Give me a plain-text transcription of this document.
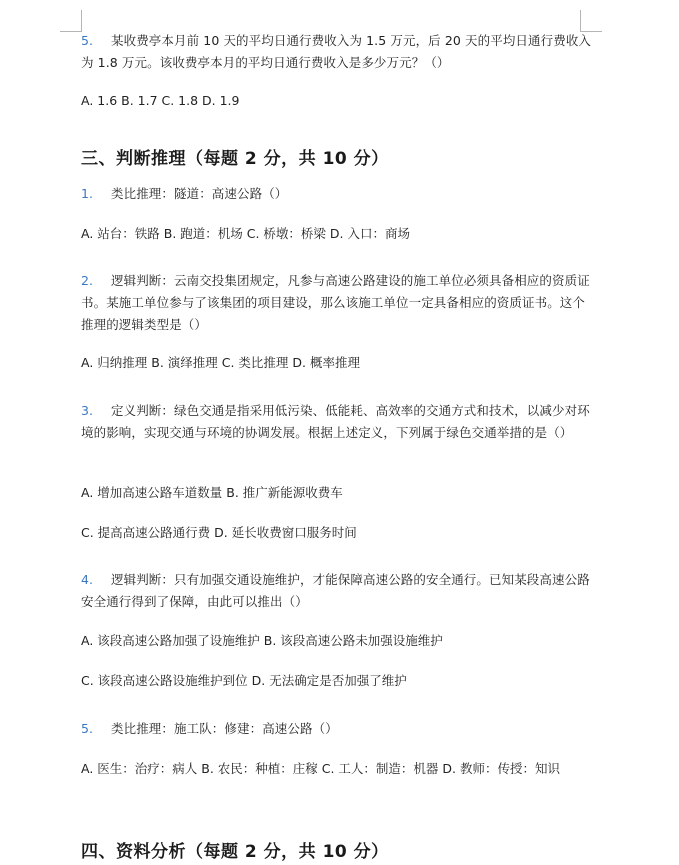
5. 某收费亭本月前 10 天的平均日通行费收入为 1.5 万元，后 20 天的平均日通行费收入为 1.8 万元。该收费亭本月的平均日通行费收入是多少万元？（）

A. 1.6 B. 1.7 C. 1.8 D. 1.9

三、判断推理（每题 2 分，共 10 分）

1. 类比推理：隧道：高速公路（）

A. 站台：铁路 B. 跑道：机场 C. 桥墩：桥梁 D. 入口：商场

2. 逻辑判断：云南交投集团规定，凡参与高速公路建设的施工单位必须具备相应的资质证书。某施工单位参与了该集团的项目建设，那么该施工单位一定具备相应的资质证书。这个推理的逻辑类型是（）

A. 归纳推理 B. 演绎推理 C. 类比推理 D. 概率推理

3. 定义判断：绿色交通是指采用低污染、低能耗、高效率的交通方式和技术，以减少对环境的影响，实现交通与环境的协调发展。根据上述定义，下列属于绿色交通举措的是（）

A. 增加高速公路车道数量 B. 推广新能源收费车

C. 提高高速公路通行费 D. 延长收费窗口服务时间

4. 逻辑判断：只有加强交通设施维护，才能保障高速公路的安全通行。已知某段高速公路安全通行得到了保障，由此可以推出（）

A. 该段高速公路加强了设施维护 B. 该段高速公路未加强设施维护

C. 该段高速公路设施维护到位 D. 无法确定是否加强了维护

5. 类比推理：施工队：修建：高速公路（）

A. 医生：治疗：病人 B. 农民：种植：庄稼 C. 工人：制造：机器 D. 教师：传授：知识

四、资料分析（每题 2 分，共 10 分）
